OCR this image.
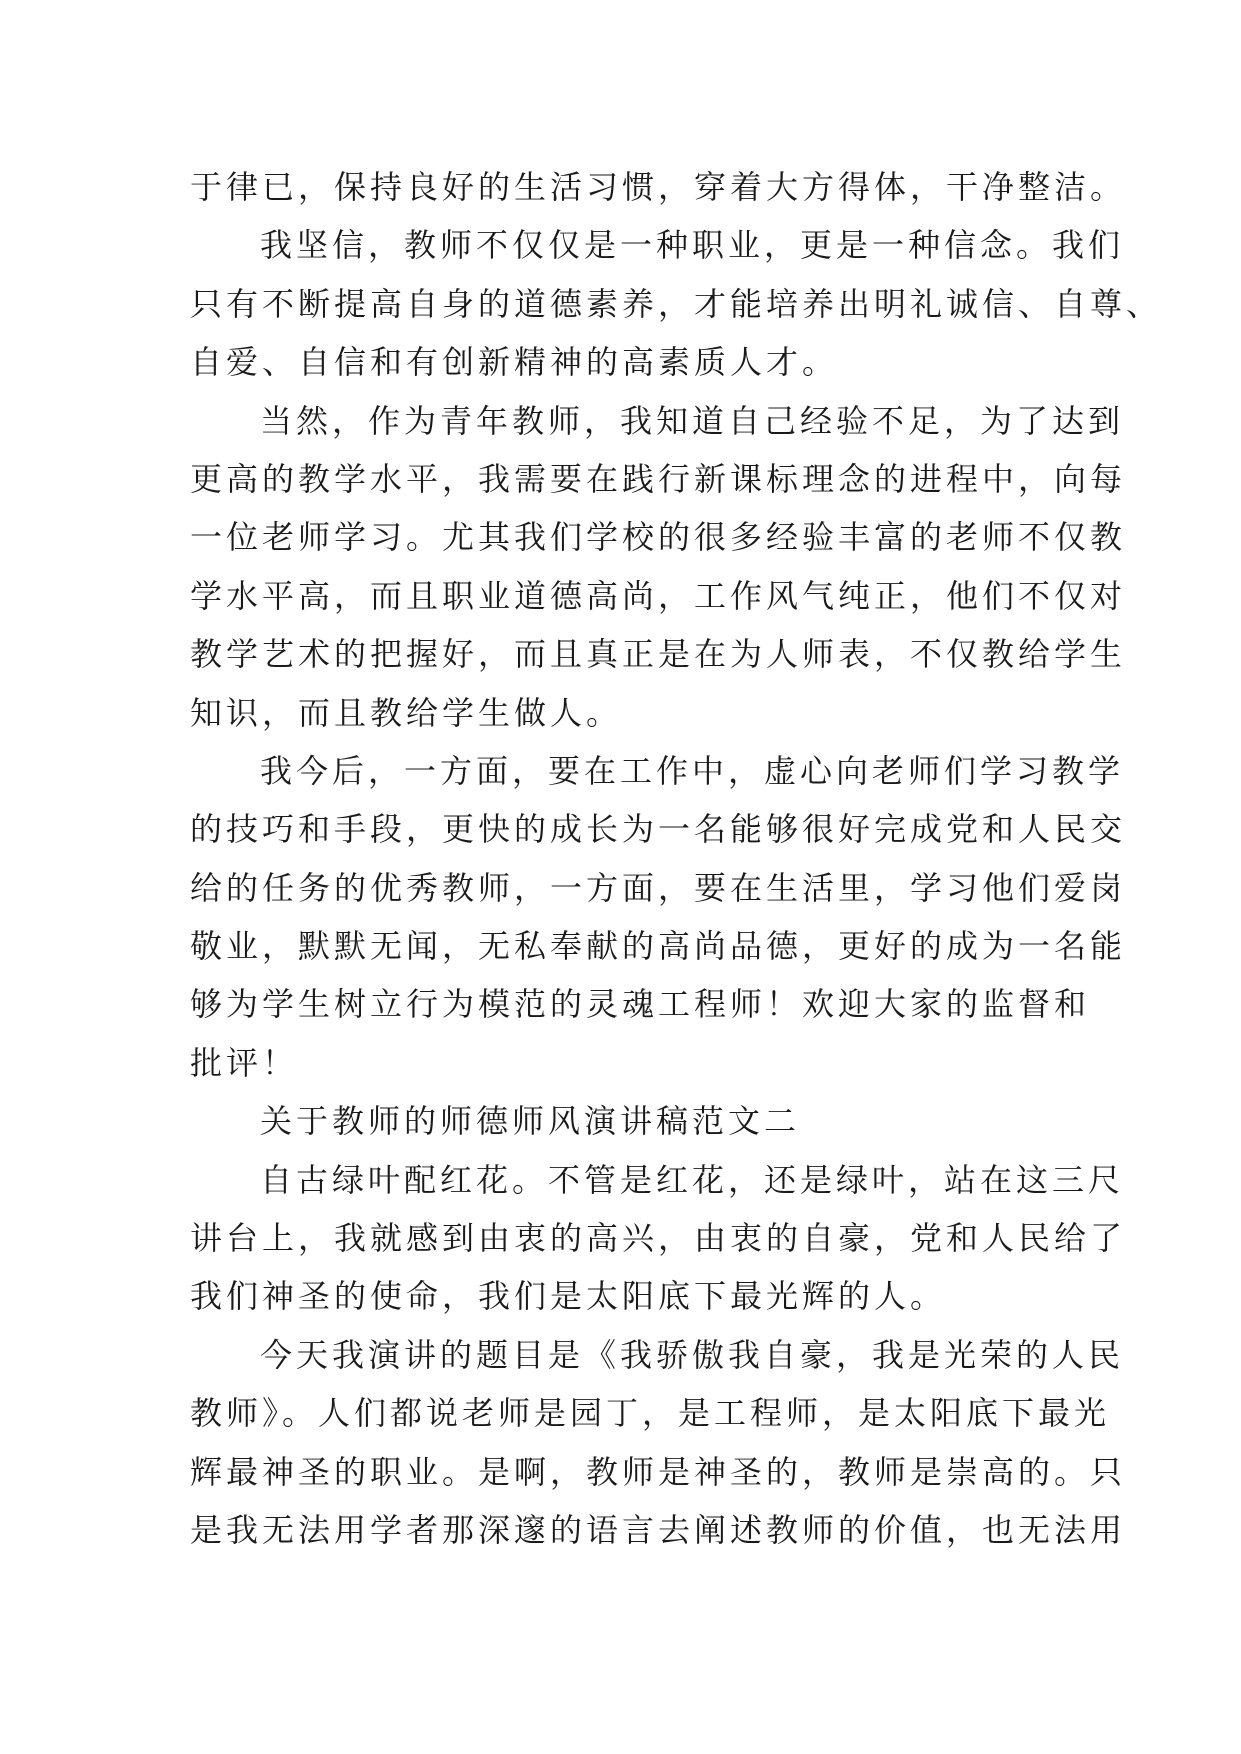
于律已，保持良好的生活习惯，穿着大方得体，干净整洁。
我坚信，教师不仅仅是一种职业，更是一种信念。我们
只有不断提高自身的道德素养，才能培养出明礼诚信、自尊、
自爱、自信和有创新精神的高素质人才。
当然，作为青年教师，我知道自己经验不足，为了达到
更高的教学水平，我需要在践行新课标理念的进程中，向每
一位老师学习。尤其我们学校的很多经验丰富的老师不仅教
学水平高，而且职业道德高尚，工作风气纯正，他们不仅对
教学艺术的把握好，而且真正是在为人师表，不仅教给学生
知识，而且教给学生做人。
我今后，一方面，要在工作中，虚心向老师们学习教学
的技巧和手段，更快的成长为一名能够很好完成党和人民交
给的任务的优秀教师，一方面，要在生活里，学习他们爱岗
敬业，默默无闻，无私奉献的高尚品德，更好的成为一名能
够为学生树立行为模范的灵魂工程师！欢迎大家的监督和
批评！
关于教师的师德师风演讲稿范文二
自古绿叶配红花。不管是红花，还是绿叶，站在这三尺
讲台上，我就感到由衷的高兴，由衷的自豪，党和人民给了
我们神圣的使命，我们是太阳底下最光辉的人。
今天我演讲的题目是《我骄傲我自豪，我是光荣的人民
教师》。人们都说老师是园丁，是工程师，是太阳底下最光
辉最神圣的职业。是啊，教师是神圣的，教师是崇高的。只
是我无法用学者那深邃的语言去阐述教师的价值，也无法用
